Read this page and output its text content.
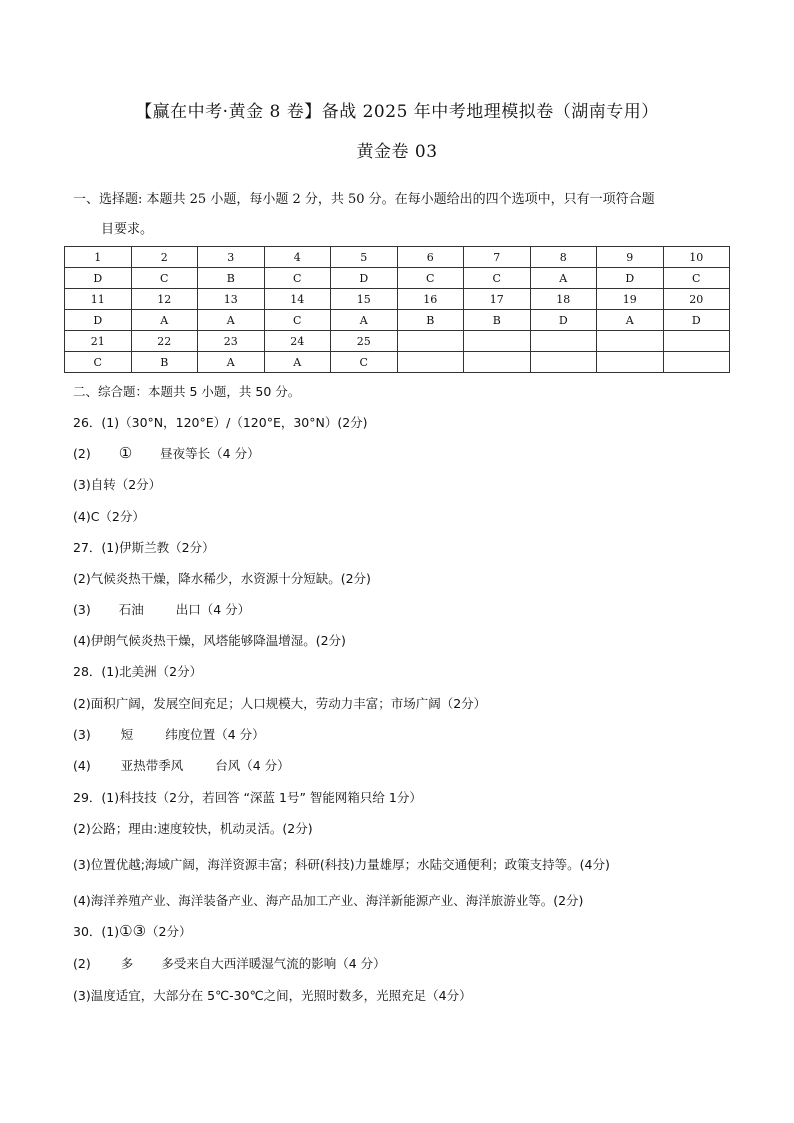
【赢在中考·黄金 8 卷】备战 2025 年中考地理模拟卷（湖南专用）
黄金卷 03
一、选择题: 本题共 25 小题，每小题 2 分，共 50 分。在每小题给出的四个选项中，只有一项符合题
目要求。
1	2	3	4	5	6	7	8	9	10
D	C	B	C	D	C	C	A	D	C
11	12	13	14	15	16	17	18	19	20
D	A	A	C	A	B	B	D	A	D
21	22	23	24	25					
C	B	A	A	C					
二、综合题：本题共 5 小题，共 50 分。
26．(1)（30°N，120°E）/（120°E，30°N）(2分)
(2) ① 昼夜等长（4 分）
(3)自转（2分）
(4)C（2分）
27．(1)伊斯兰教（2分）
(2)气候炎热干燥，降水稀少，水资源十分短缺。(2分)
(3) 石油	出口（4 分）
(4)伊朗气候炎热干燥，风塔能够降温增湿。(2分)
28．(1)北美洲（2分）
(2)面积广阔，发展空间充足；人口规模大，劳动力丰富；市场广阔（2分）
(3) 短	纬度位置（4 分）
(4) 亚热带季风	台风（4 分）
29．(1)科技技（2分，若回答 “深蓝 1号” 智能网箱只给 1分）
(2)公路；理由:速度较快，机动灵活。(2分)
(3)位置优越;海域广阔，海洋资源丰富；科研(科技)力量雄厚；水陆交通便利；政策支持等。(4分)
(4)海洋养殖产业、海洋装备产业、海产品加工产业、海洋新能源产业、海洋旅游业等。(2分)
30．(1)①③（2分）
(2) 多 多受来自大西洋暖湿气流的影响（4 分）
(3)温度适宜，大部分在 5℃-30℃之间，光照时数多，光照充足（4分）
